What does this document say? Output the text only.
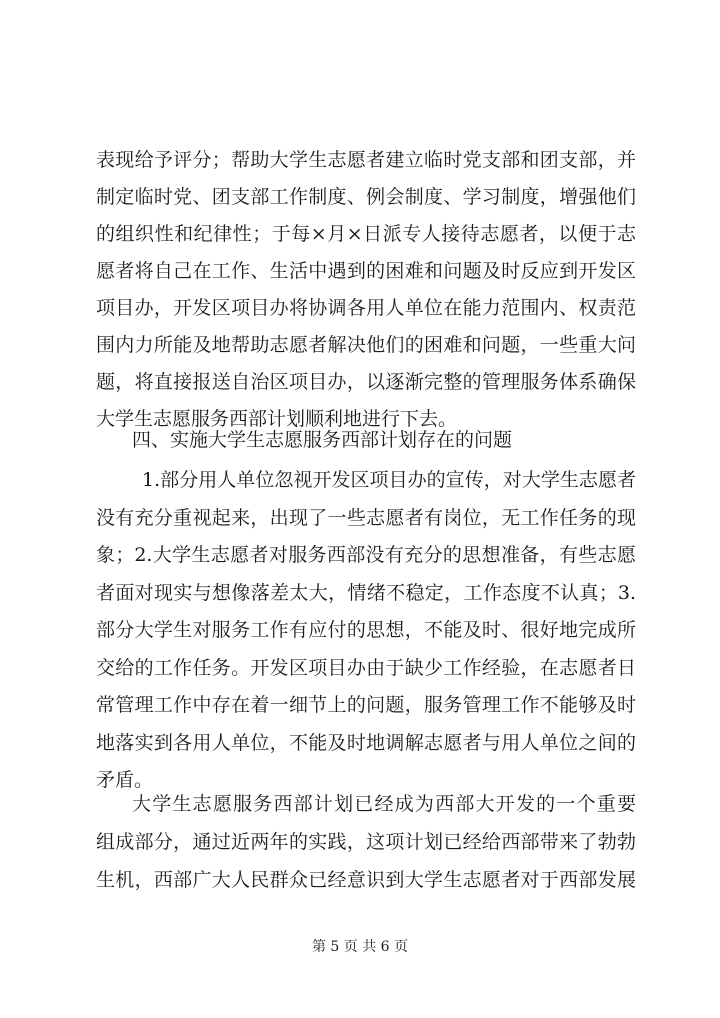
表现给予评分；帮助大学生志愿者建立临时党支部和团支部，并
制定临时党、团支部工作制度、例会制度、学习制度，增强他们
的组织性和纪律性；于每×月×日派专人接待志愿者，以便于志
愿者将自己在工作、生活中遇到的困难和问题及时反应到开发区
项目办，开发区项目办将协调各用人单位在能力范围内、权责范
围内力所能及地帮助志愿者解决他们的困难和问题，一些重大问
题，将直接报送自治区项目办，以逐渐完整的管理服务体系确保
大学生志愿服务西部计划顺利地进行下去。
四、实施大学生志愿服务西部计划存在的问题
1.部分用人单位忽视开发区项目办的宣传，对大学生志愿者
没有充分重视起来，出现了一些志愿者有岗位，无工作任务的现
象；2.大学生志愿者对服务西部没有充分的思想准备，有些志愿
者面对现实与想像落差太大，情绪不稳定，工作态度不认真；3.
部分大学生对服务工作有应付的思想，不能及时、很好地完成所
交给的工作任务。开发区项目办由于缺少工作经验，在志愿者日
常管理工作中存在着一细节上的问题，服务管理工作不能够及时
地落实到各用人单位，不能及时地调解志愿者与用人单位之间的
矛盾。
大学生志愿服务西部计划已经成为西部大开发的一个重要
组成部分，通过近两年的实践，这项计划已经给西部带来了勃勃
生机，西部广大人民群众已经意识到大学生志愿者对于西部发展
第 5 页 共 6 页
